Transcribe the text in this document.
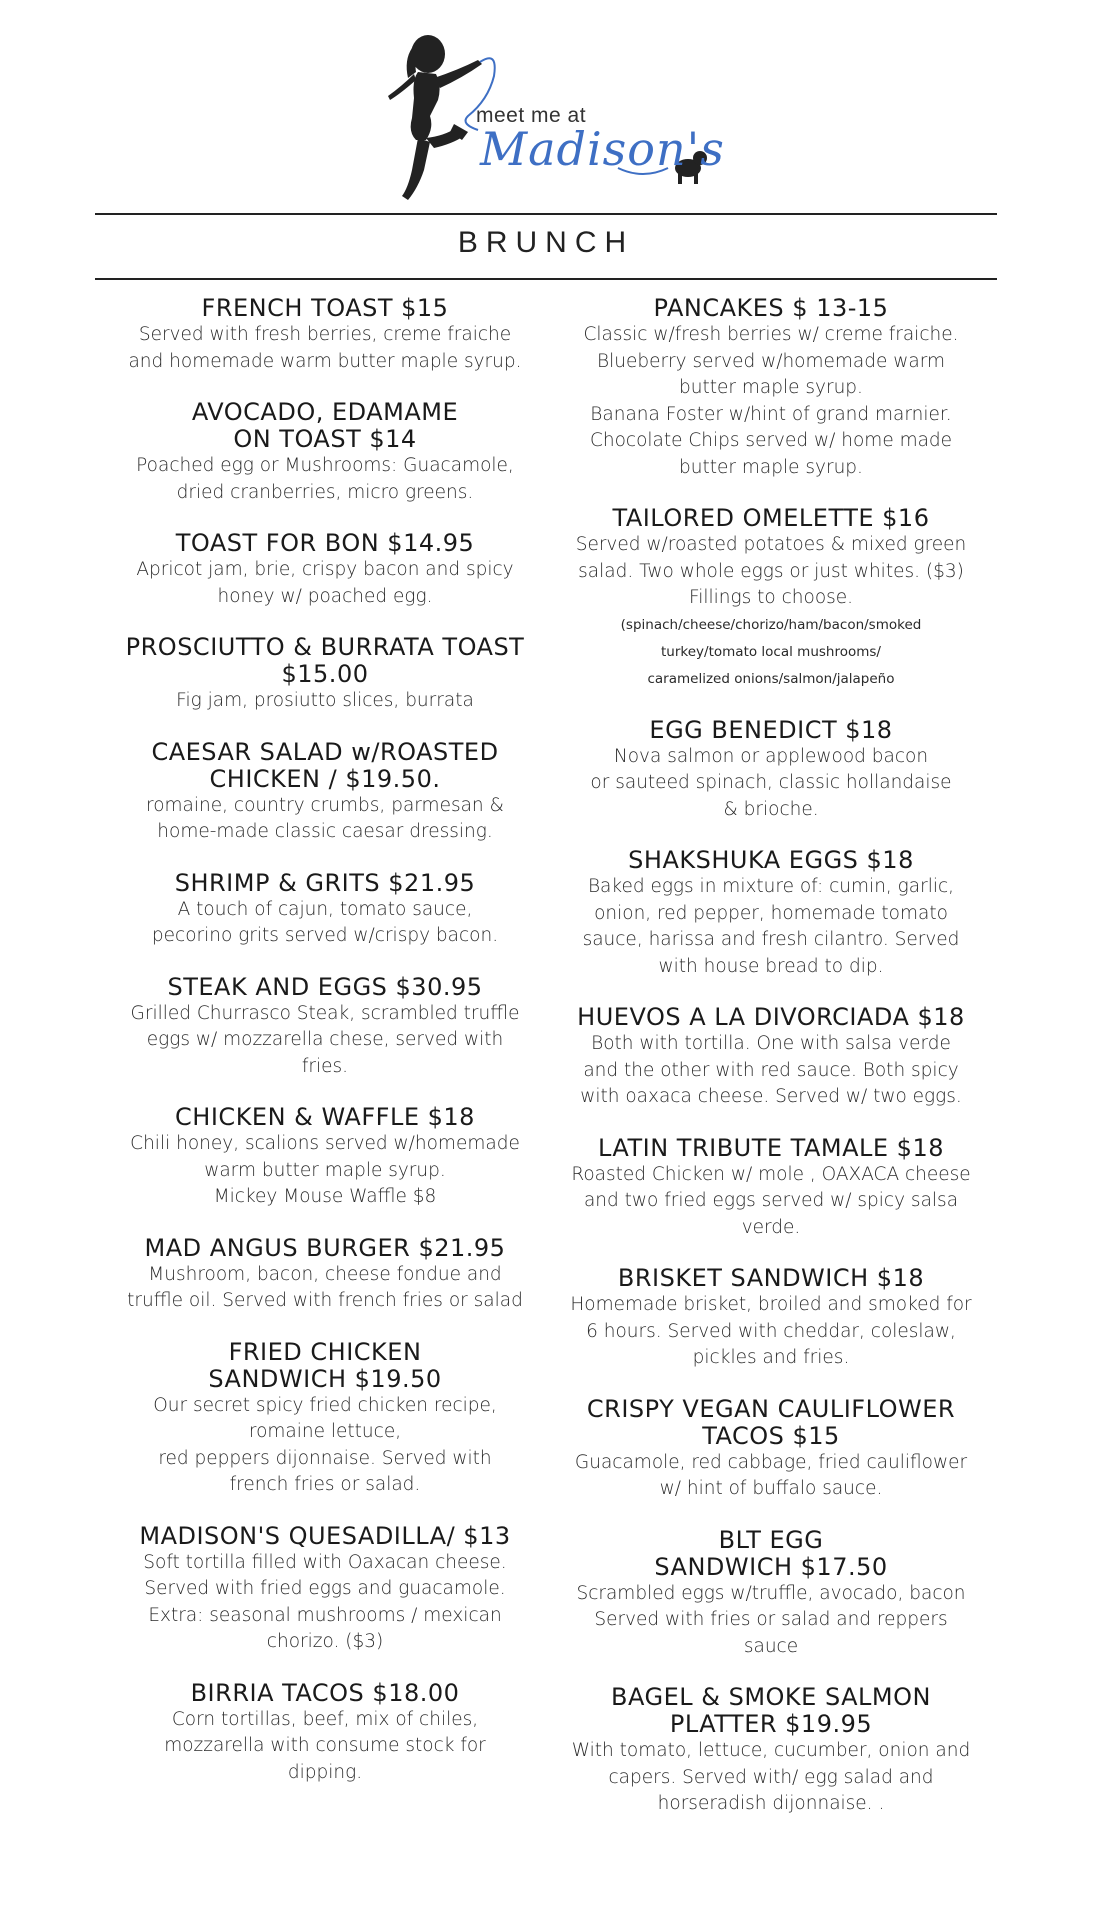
meet me at
Madison's
BRUNCH
FRENCH TOAST $15
Served with fresh berries, creme fraiche
and homemade warm butter maple syrup.
AVOCADO, EDAMAME
ON TOAST $14
Poached egg or Mushrooms: Guacamole,
dried cranberries, micro greens.
TOAST FOR BON $14.95
Apricot jam, brie, crispy bacon and spicy
honey w/ poached egg.
PROSCIUTTO & BURRATA TOAST
$15.00
Fig jam, prosiutto slices, burrata
CAESAR SALAD w/ROASTED
CHICKEN / $19.50.
romaine, country crumbs, parmesan &
home-made classic caesar dressing.
SHRIMP & GRITS $21.95
A touch of cajun, tomato sauce,
pecorino grits served w/crispy bacon.
STEAK AND EGGS $30.95
Grilled Churrasco Steak, scrambled truffle
eggs w/ mozzarella chese, served with
fries.
CHICKEN & WAFFLE $18
Chili honey, scalions served w/homemade
warm butter maple syrup.
Mickey Mouse Waffle $8
MAD ANGUS BURGER $21.95
Mushroom, bacon, cheese fondue and
truffle oil. Served with french fries or salad
FRIED CHICKEN
SANDWICH $19.50
Our secret spicy fried chicken recipe,
romaine lettuce,
red peppers dijonnaise. Served with
french fries or salad.
MADISON'S QUESADILLA/ $13
Soft tortilla filled with Oaxacan cheese.
Served with fried eggs and guacamole.
Extra: seasonal mushrooms / mexican
chorizo. ($3)
BIRRIA TACOS $18.00
Corn tortillas, beef, mix of chiles,
mozzarella with consume stock for
dipping.
PANCAKES $ 13-15
Classic w/fresh berries w/ creme fraiche.
Blueberry served w/homemade warm
butter maple syrup.
Banana Foster w/hint of grand marnier.
Chocolate Chips served w/ home made
butter maple syrup.
TAILORED OMELETTE $16
Served w/roasted potatoes & mixed green
salad. Two whole eggs or just whites. ($3)
Fillings to choose.
(spinach/cheese/chorizo/ham/bacon/smoked
turkey/tomato local mushrooms/
caramelized onions/salmon/jalapeño
EGG BENEDICT $18
Nova salmon or applewood bacon
or sauteed spinach, classic hollandaise
& brioche.
SHAKSHUKA EGGS $18
Baked eggs in mixture of: cumin, garlic,
onion, red pepper, homemade tomato
sauce, harissa and fresh cilantro. Served
with house bread to dip.
HUEVOS A LA DIVORCIADA $18
Both with tortilla. One with salsa verde
and the other with red sauce. Both spicy
with oaxaca cheese. Served w/ two eggs.
LATIN TRIBUTE TAMALE $18
Roasted Chicken w/ mole , OAXACA cheese
and two fried eggs served w/ spicy salsa
verde.
BRISKET SANDWICH $18
Homemade brisket, broiled and smoked for
6 hours. Served with cheddar, coleslaw,
pickles and fries.
CRISPY VEGAN CAULIFLOWER
TACOS $15
Guacamole, red cabbage, fried cauliflower
w/ hint of buffalo sauce.
BLT EGG
SANDWICH $17.50
Scrambled eggs w/truffle, avocado, bacon
Served with fries or salad and reppers
sauce
BAGEL & SMOKE SALMON
PLATTER $19.95
With tomato, lettuce, cucumber, onion and
capers. Served with/ egg salad and
horseradish dijonnaise. .
